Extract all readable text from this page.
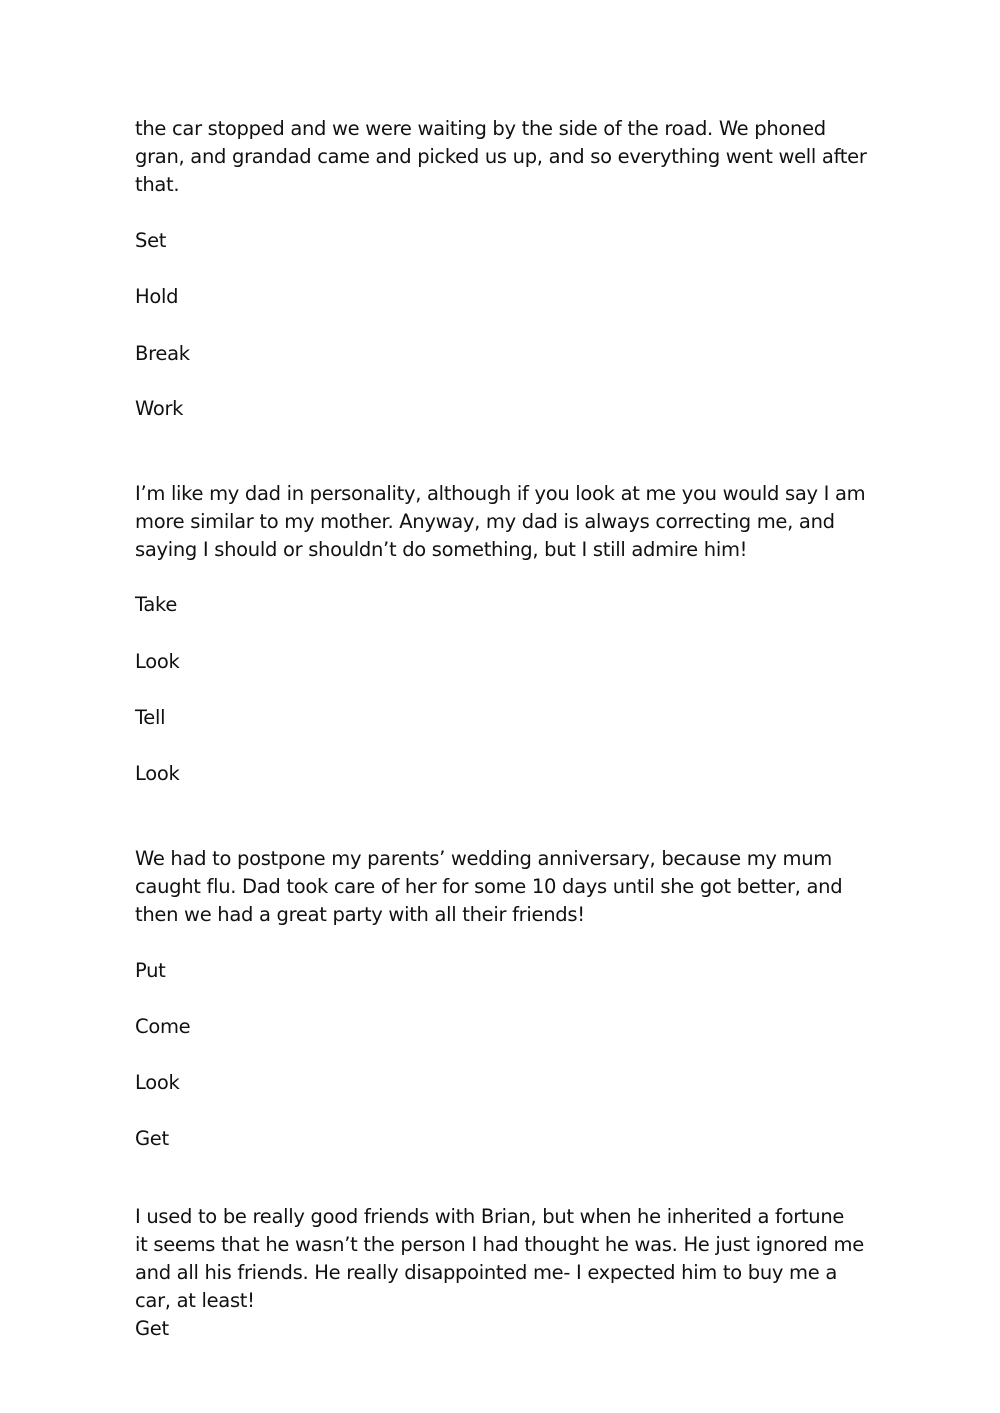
the car stopped and we were waiting by the side of the road. We phoned
gran, and grandad came and picked us up, and so everything went well after
that.

Set
Hold
Break
Work

I’m like my dad in personality, although if you look at me you would say I am
more similar to my mother. Anyway, my dad is always correcting me, and
saying I should or shouldn’t do something, but I still admire him!

Take
Look
Tell
Look

We had to postpone my parents’ wedding anniversary, because my mum
caught flu. Dad took care of her for some 10 days until she got better, and
then we had a great party with all their friends!

Put
Come
Look
Get

I used to be really good friends with Brian, but when he inherited a fortune
it seems that he wasn’t the person I had thought he was. He just ignored me
and all his friends. He really disappointed me- I expected him to buy me a
car, at least!

Get
